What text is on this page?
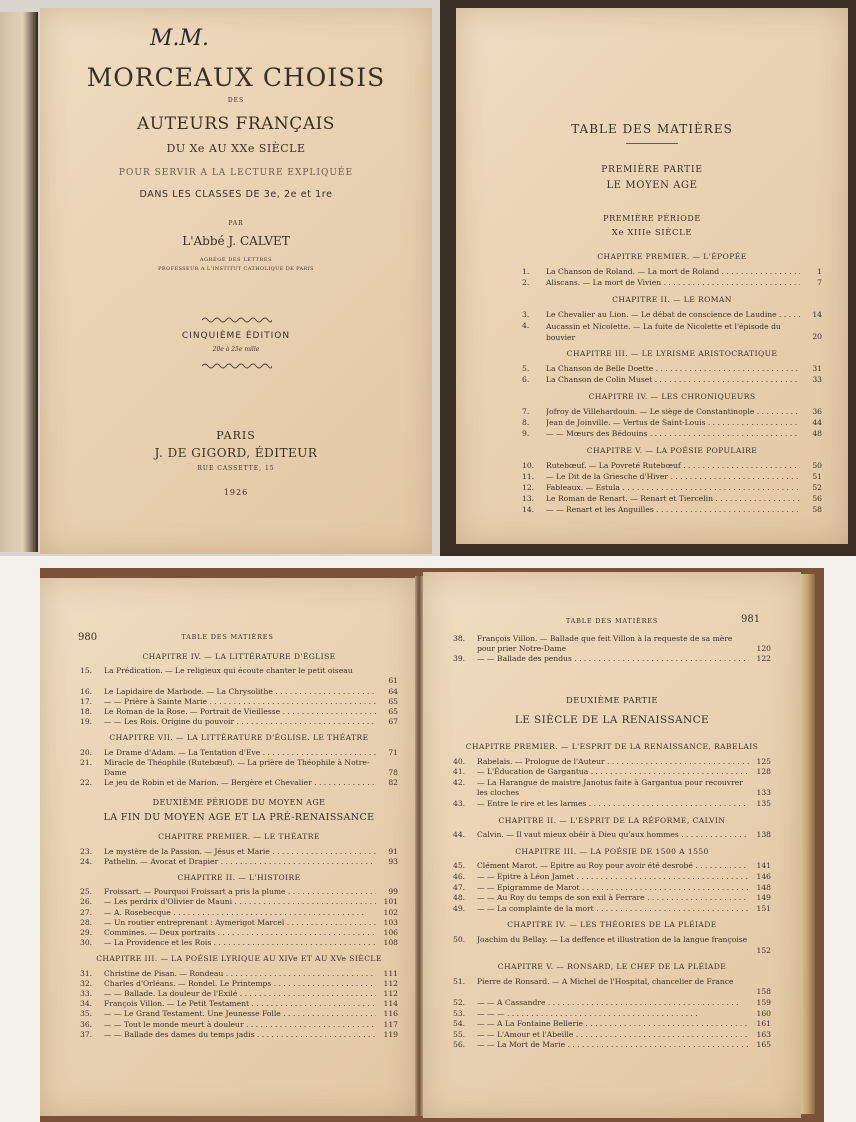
M.M.
MORCEAUX CHOISIS
DES
AUTEURS FRANÇAIS
DU Xe AU XXe SIÈCLE
POUR SERVIR A LA LECTURE EXPLIQUÉE
DANS LES CLASSES DE 3e, 2e et 1re
PAR
L'Abbé J. CALVET
AGRÉGÉ DES LETTRES
PROFESSEUR A L'INSTITUT CATHOLIQUE DE PARIS
CINQUIÈME ÉDITION
20e à 25e mille
PARIS
J. DE GIGORD, ÉDITEUR
RUE CASSETTE, 15
1926
TABLE DES MATIÈRES
PREMIÈRE PARTIE
LE MOYEN AGE
PREMIÈRE PÉRIODE
Xe XIIIe SIÈCLE
CHAPITRE PREMIER. — L'ÉPOPÉE
1.	La Chanson de Roland. — La mort de Roland . . .	1
2.	Aliscans. — La mort de Vivien . . .	7
CHAPITRE II. — LE ROMAN
3.	Le Chevalier au Lion. — Le débat de conscience de Laudine . . .	14
4.	Aucassin et Nicolette. — La fuite de Nicolette et l'épisode du bouvier	20
CHAPITRE III. — LE LYRISME ARISTOCRATIQUE
5.	La Chanson de Belle Doette . . .	31
6.	La Chanson de Colin Muset . . .	33
CHAPITRE IV. — LES CHRONIQUEURS
7.	Jofroy de Villehardouin. — Le siège de Constantinople . . .	36
8.	Jean de Joinville. — Vertus de Saint-Louis . . .	44
9.	— — Mœurs des Bédouins . . .	48
CHAPITRE V. — LA POÉSIE POPULAIRE
10.	Rutebœuf. — La Povreté Rutebœuf . . .	50
11.	— Le Dit de la Griesche d'Hiver . . .	51
12.	Fableaux. — Estula . . .	52
13.	Le Roman de Renart. — Renart et Tiercelin . . .	56
14.	— — Renart et les Anguilles . . .	58
980	TABLE DES MATIÈRES
CHAPITRE IV. — LA LITTÉRATURE D'ÉGLISE
15.	La Prédication. — Le religieux qui écoute chanter le petit oiseau
61
16.	Le Lapidaire de Marbode. — La Chrysolithe . . .	64
17.	— — Prière à Sainte Marie . . .	65
18.	Le Roman de la Rose. — Portrait de Vieillesse . . .	65
19.	— — Les Rois. Origine du pouvoir . . .	67
CHAPITRE VII. — LA LITTÉRATURE D'ÉGLISE. LE THÉATRE
20.	Le Drame d'Adam. — La Tentation d'Eve . . .	71
21.	Miracle de Théophile (Rutebœuf). — La prière de Théophile à Notre-Dame	78
22.	Le jeu de Robin et de Marion. — Bergère et Chevalier . . .	82
DEUXIÈME PÉRIODE DU MOYEN AGE
LA FIN DU MOYEN AGE ET LA PRÉ-RENAISSANCE
CHAPITRE PREMIER. — LE THÉATRE
23.	Le mystère de la Passion. — Jésus et Marie . . .	91
24.	Pathelin. — Avocat et Drapier . . .	93
CHAPITRE II. — L'HISTOIRE
25.	Froissart. — Pourquoi Froissart a pris la plume . . .	99
26.	— Les perdrix d'Olivier de Mauni . . .	101
27.	— A. Rosebecque . . .	102
28.	— Un routier entreprenant : Aymerigot Marcel . . .	103
29.	Commines. — Deux portraits . . .	106
30.	— La Providence et les Rois . . .	108
CHAPITRE III. — LA POÉSIE LYRIQUE AU XIVe ET AU XVe SIÈCLE
31.	Christine de Pisan. — Rondeau . . .	111
32.	Charles d'Orléans. — Rondel. Le Printemps . . .	112
33.	— — Ballade. La douleur de l'Exilé . . .	112
34.	François Villon. — Le Petit Testament . . .	114
35.	— — Le Grand Testament. Une Jeunesse Folle . . .	116
36.	— — Tout le monde meurt à douleur . . .	117
37.	— — Ballade des dames du temps jadis . . .	119
TABLE DES MATIÈRES	981
38.	François Villon. — Ballade que feit Villon à la requeste de sa mère pour prier Notre-Dame	120
39.	— — Ballade des pendus . . .	122
DEUXIÈME PARTIE
LE SIÈCLE DE LA RENAISSANCE
CHAPITRE PREMIER. — L'ESPRIT DE LA RENAISSANCE, RABELAIS
40.	Rabelais. — Prologue de l'Auteur . . .	125
41.	— L'Éducation de Gargantua . . .	128
42.	— La Harangue de maistre Janotus faite à Gargantua pour recouvrer les cloches	133
43.	— Entre le rire et les larmes . . .	135
CHAPITRE II. — L'ESPRIT DE LA RÉFORME, CALVIN
44.	Calvin. — Il vaut mieux obéir à Dieu qu'aux hommes . . .	138
CHAPITRE III. — LA POÉSIE DE 1500 A 1550
45.	Clément Marot. — Epitre au Roy pour avoir été desrobé . . .	141
46.	— — Epitre à Léon Jamet . . .	146
47.	— — Epigramme de Marot . . .	148
48.	— — Au Roy du temps de son exil à Ferrare . . .	149
49.	— — La complainte de la mort . . .	151
CHAPITRE IV. — LES THÉORIES DE LA PLÉIADE
50.	Joachim du Bellay. — La deffence et illustration de la langue françoise
152
CHAPITRE V. — RONSARD, LE CHEF DE LA PLÉIADE
51.	Pierre de Ronsard. — A Michel de l'Hospital, chancelier de France
158
52.	— — A Cassandre . . .	159
53.	— — — . . .	160
54.	— — A La Fontaine Bellerie . . .	161
55.	— — L'Amour et l'Abeille . . .	163
56.	— — La Mort de Marie . . .	165
